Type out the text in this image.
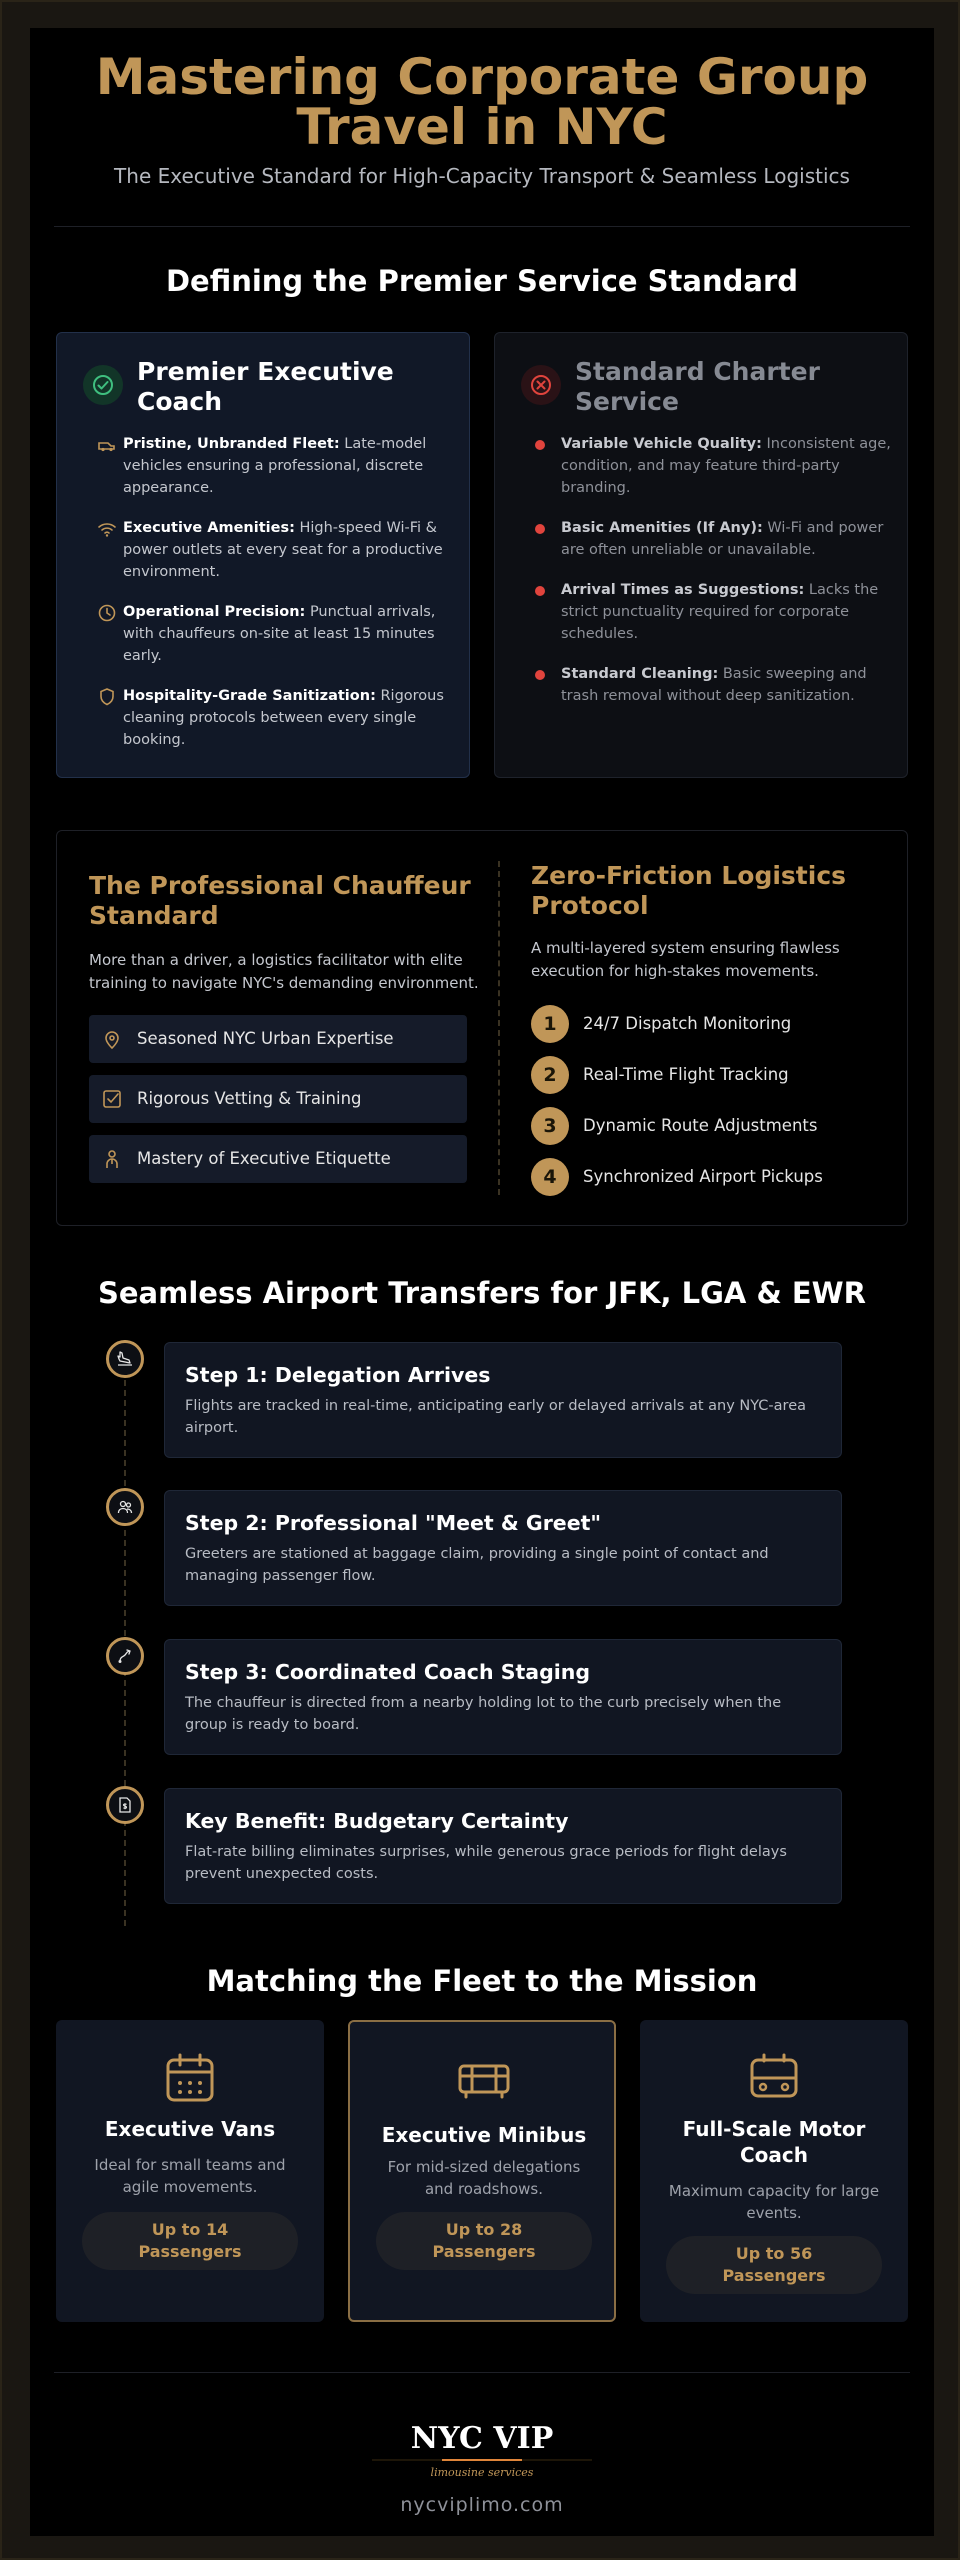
Mastering Corporate Group
Travel in NYC
The Executive Standard for High-Capacity Transport & Seamless Logistics
Defining the Premier Service Standard
Premier Executive
Coach
Pristine, Unbranded Fleet: Late-model vehicles ensuring a professional, discrete appearance.
Executive Amenities: High-speed Wi-Fi & power outlets at every seat for a productive environment.
Operational Precision: Punctual arrivals, with chauffeurs on-site at least 15 minutes early.
Hospitality-Grade Sanitization: Rigorous cleaning protocols between every single booking.
Standard Charter
Service
Variable Vehicle Quality: Inconsistent age, condition, and may feature third-party branding.
Basic Amenities (If Any): Wi-Fi and power are often unreliable or unavailable.
Arrival Times as Suggestions: Lacks the strict punctuality required for corporate schedules.
Standard Cleaning: Basic sweeping and trash removal without deep sanitization.
The Professional Chauffeur
Standard
More than a driver, a logistics facilitator with elite
training to navigate NYC's demanding environment.
Seasoned NYC Urban Expertise
Rigorous Vetting & Training
Mastery of Executive Etiquette
Zero-Friction Logistics
Protocol
A multi-layered system ensuring flawless
execution for high-stakes movements.
1	24/7 Dispatch Monitoring
2	Real-Time Flight Tracking
3	Dynamic Route Adjustments
4	Synchronized Airport Pickups
Seamless Airport Transfers for JFK, LGA & EWR
Step 1: Delegation Arrives
Flights are tracked in real-time, anticipating early or delayed arrivals at any NYC-area
airport.
Step 2: Professional "Meet & Greet"
Greeters are stationed at baggage claim, providing a single point of contact and
managing passenger flow.
Step 3: Coordinated Coach Staging
The chauffeur is directed from a nearby holding lot to the curb precisely when the
group is ready to board.
Key Benefit: Budgetary Certainty
Flat-rate billing eliminates surprises, while generous grace periods for flight delays
prevent unexpected costs.
Matching the Fleet to the Mission
Executive Vans
Ideal for small teams and
agile movements.
Up to 14
Passengers
Executive Minibus
For mid-sized delegations
and roadshows.
Up to 28
Passengers
Full-Scale Motor
Coach
Maximum capacity for large
events.
Up to 56
Passengers
NYC VIP
limousine services
nycviplimo.com
